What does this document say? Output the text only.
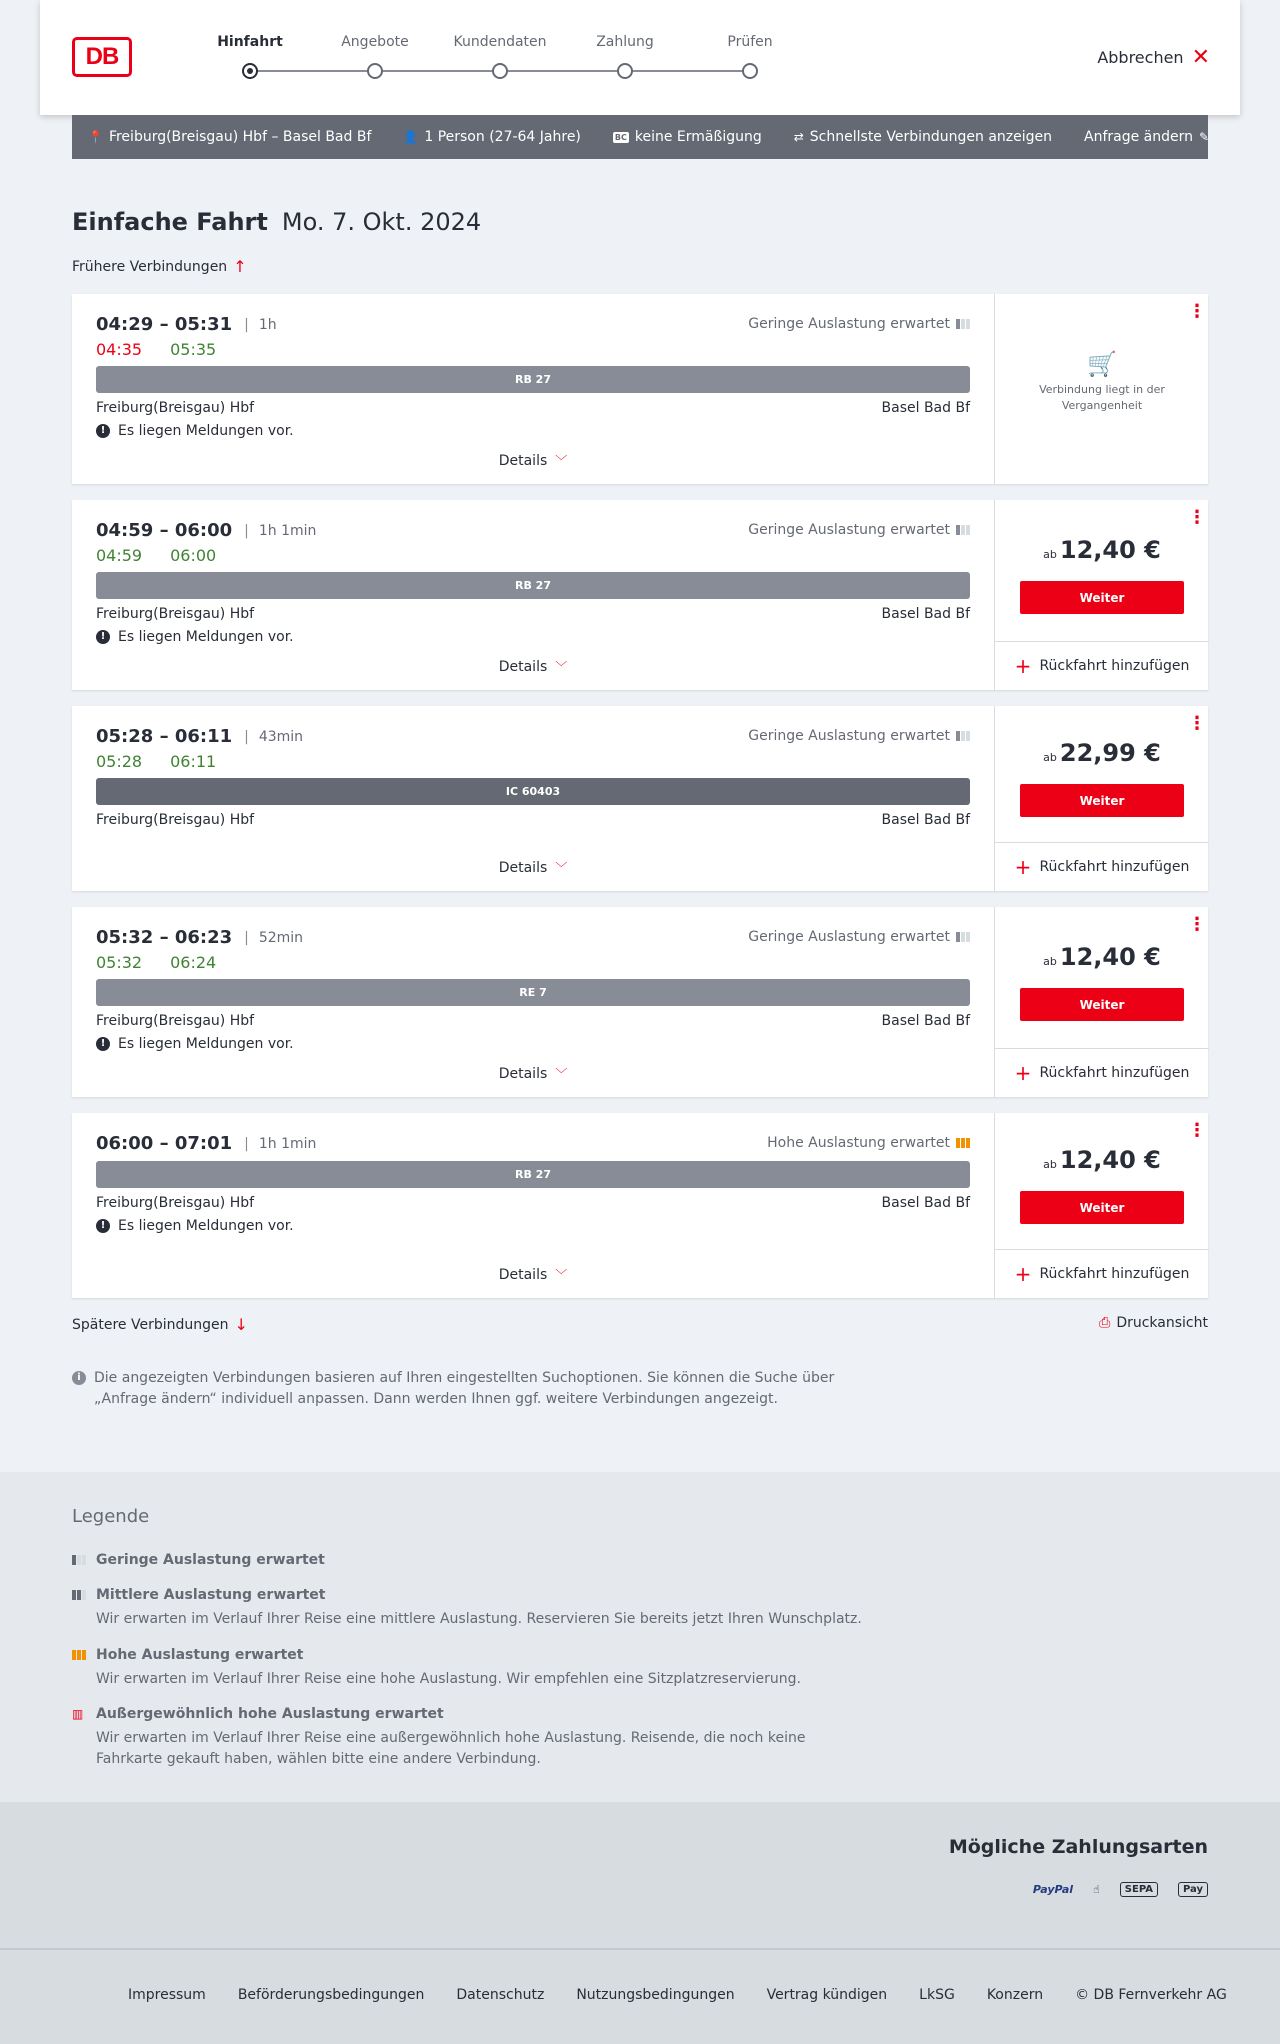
DB
Hinfahrt	Angebote	Kundendaten	Zahlung	Prüfen
Abbrechen ✕
📍 Freiburg(Breisgau) Hbf – Basel Bad Bf	👤 1 Person (27-64 Jahre)	BC keine Ermäßigung	⇄ Schnellste Verbindungen anzeigen Anfrage ändern ✎
Einfache Fahrt Mo. 7. Okt. 2024
Frühere Verbindungen ↑
04:29 – 05:31 | 1h
04:35 05:35
Geringe Auslastung erwartet
RB 27
Freiburg(Breisgau) Hbf	Basel Bad Bf
! Es liegen Meldungen vor.
Details ﹀
⋮
🛒
Verbindung liegt in der Vergangenheit
04:59 – 06:00 | 1h 1min
04:59 06:00
Geringe Auslastung erwartet
RB 27
Freiburg(Breisgau) Hbf	Basel Bad Bf
! Es liegen Meldungen vor.
Details ﹀
⋮
ab 12,40 €
Weiter
+ Rückfahrt hinzufügen
05:28 – 06:11 | 43min
05:28 06:11
Geringe Auslastung erwartet
IC 60403
Freiburg(Breisgau) Hbf	Basel Bad Bf
Details ﹀
⋮
ab 22,99 €
Weiter
+ Rückfahrt hinzufügen
05:32 – 06:23 | 52min
05:32 06:24
Geringe Auslastung erwartet
RE 7
Freiburg(Breisgau) Hbf	Basel Bad Bf
! Es liegen Meldungen vor.
Details ﹀
⋮
ab 12,40 €
Weiter
+ Rückfahrt hinzufügen
06:00 – 07:01 | 1h 1min	Hohe Auslastung erwartet
RB 27
Freiburg(Breisgau) Hbf	Basel Bad Bf
! Es liegen Meldungen vor.
Details ﹀
⋮
ab 12,40 €
Weiter
+ Rückfahrt hinzufügen
Spätere Verbindungen ↓	⎙ Druckansicht
i Die angezeigten Verbindungen basieren auf Ihren eingestellten Suchoptionen. Sie können die Suche über „Anfrage ändern“ individuell anpassen. Dann werden Ihnen ggf. weitere Verbindungen angezeigt.
Legende
Geringe Auslastung erwartet
Mittlere Auslastung erwartet
Wir erwarten im Verlauf Ihrer Reise eine mittlere Auslastung. Reservieren Sie bereits jetzt Ihren Wunschplatz.
Hohe Auslastung erwartet
Wir erwarten im Verlauf Ihrer Reise eine hohe Auslastung. Wir empfehlen eine Sitzplatzreservierung.
▥ Außergewöhnlich hohe Auslastung erwartet
Wir erwarten im Verlauf Ihrer Reise eine außergewöhnlich hohe Auslastung. Reisende, die noch keine Fahrkarte gekauft haben, wählen bitte eine andere Verbindung.
Mögliche Zahlungsarten
PayPal ☝︎	SEPA	Pay
Impressum Beförderungsbedingungen Datenschutz Nutzungsbedingungen Vertrag kündigen LkSG Konzern © DB Fernverkehr AG
